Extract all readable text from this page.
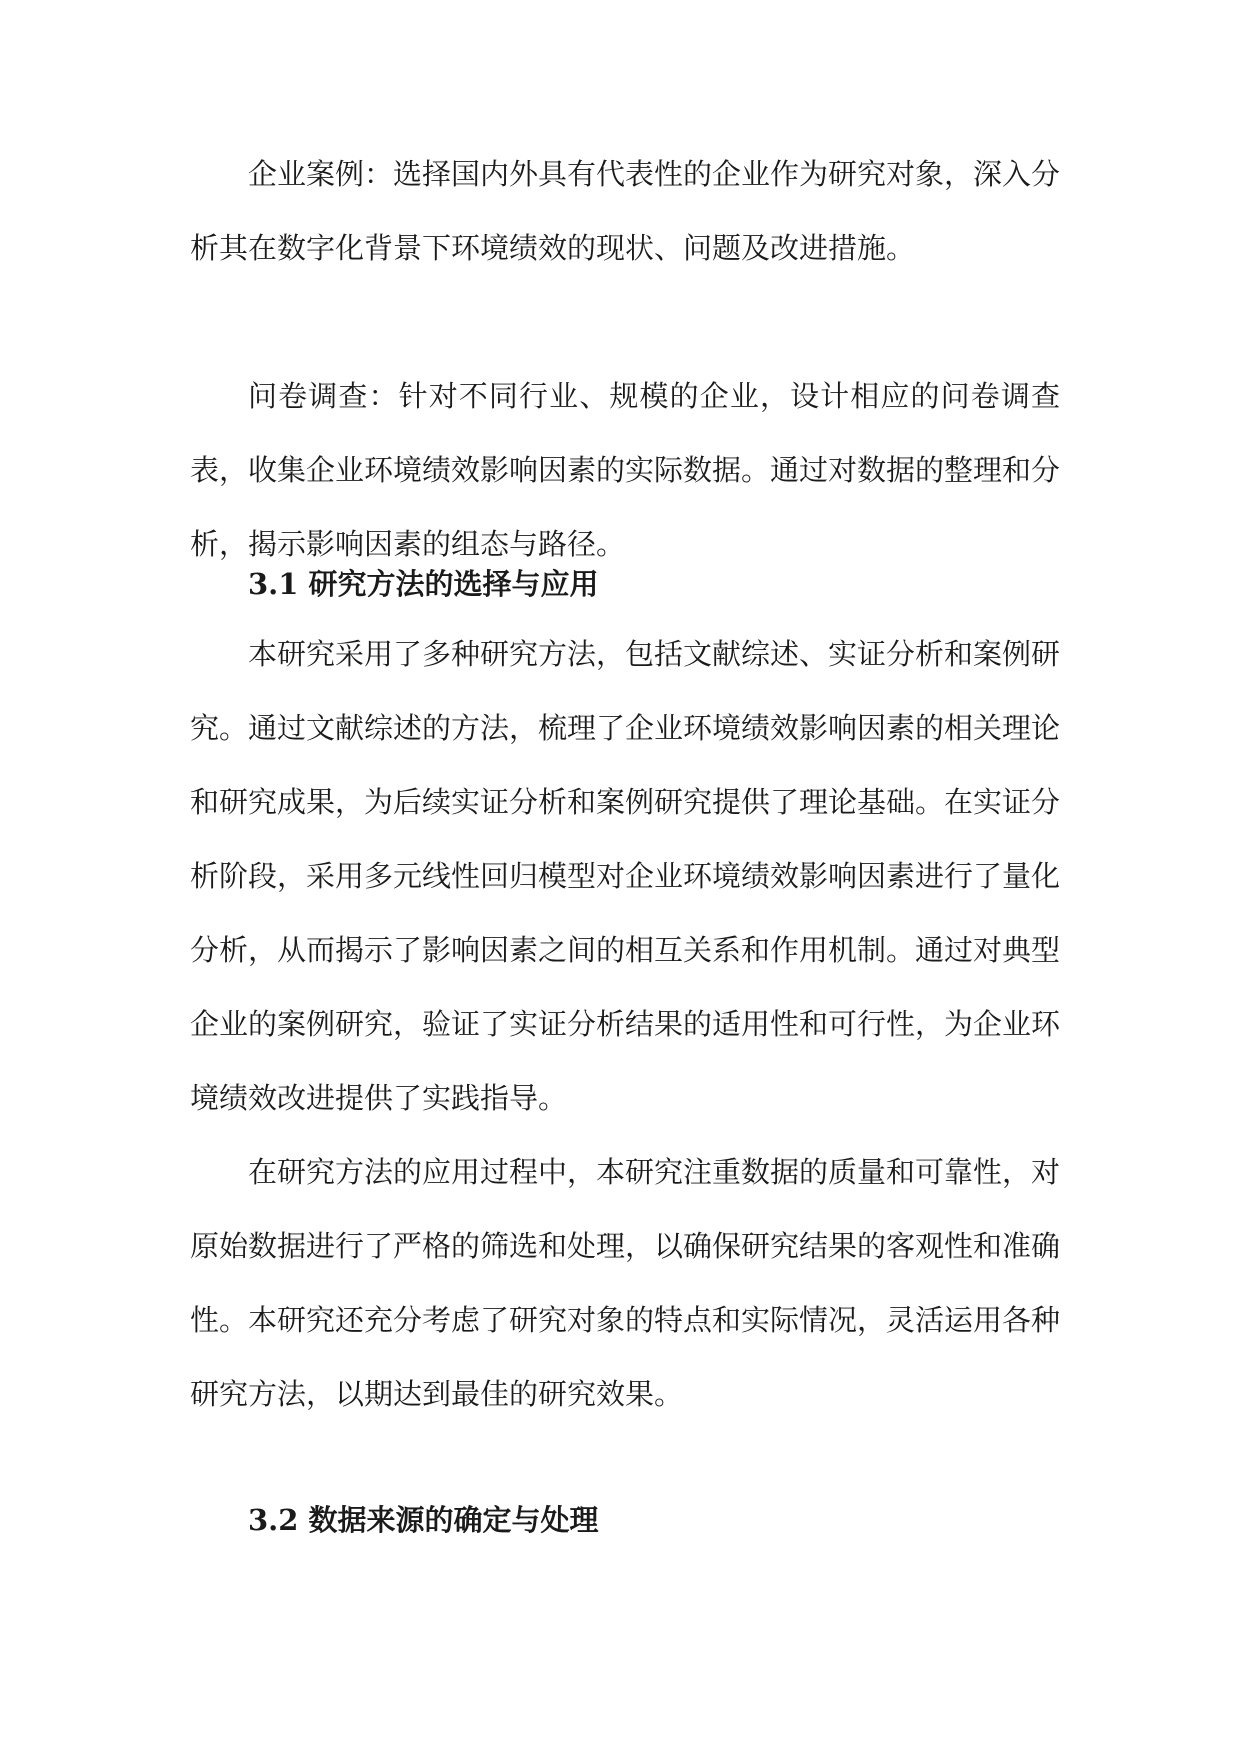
企业案例：选择国内外具有代表性的企业作为研究对象，深入分析其在数字化背景下环境绩效的现状、问题及改进措施。

问卷调查：针对不同行业、规模的企业，设计相应的问卷调查表，收集企业环境绩效影响因素的实际数据。通过对数据的整理和分析，揭示影响因素的组态与路径。

3.1 研究方法的选择与应用

本研究采用了多种研究方法，包括文献综述、实证分析和案例研究。通过文献综述的方法，梳理了企业环境绩效影响因素的相关理论和研究成果，为后续实证分析和案例研究提供了理论基础。在实证分析阶段，采用多元线性回归模型对企业环境绩效影响因素进行了量化分析，从而揭示了影响因素之间的相互关系和作用机制。通过对典型企业的案例研究，验证了实证分析结果的适用性和可行性，为企业环境绩效改进提供了实践指导。

在研究方法的应用过程中，本研究注重数据的质量和可靠性，对原始数据进行了严格的筛选和处理，以确保研究结果的客观性和准确性。本研究还充分考虑了研究对象的特点和实际情况，灵活运用各种研究方法，以期达到最佳的研究效果。

3.2 数据来源的确定与处理
